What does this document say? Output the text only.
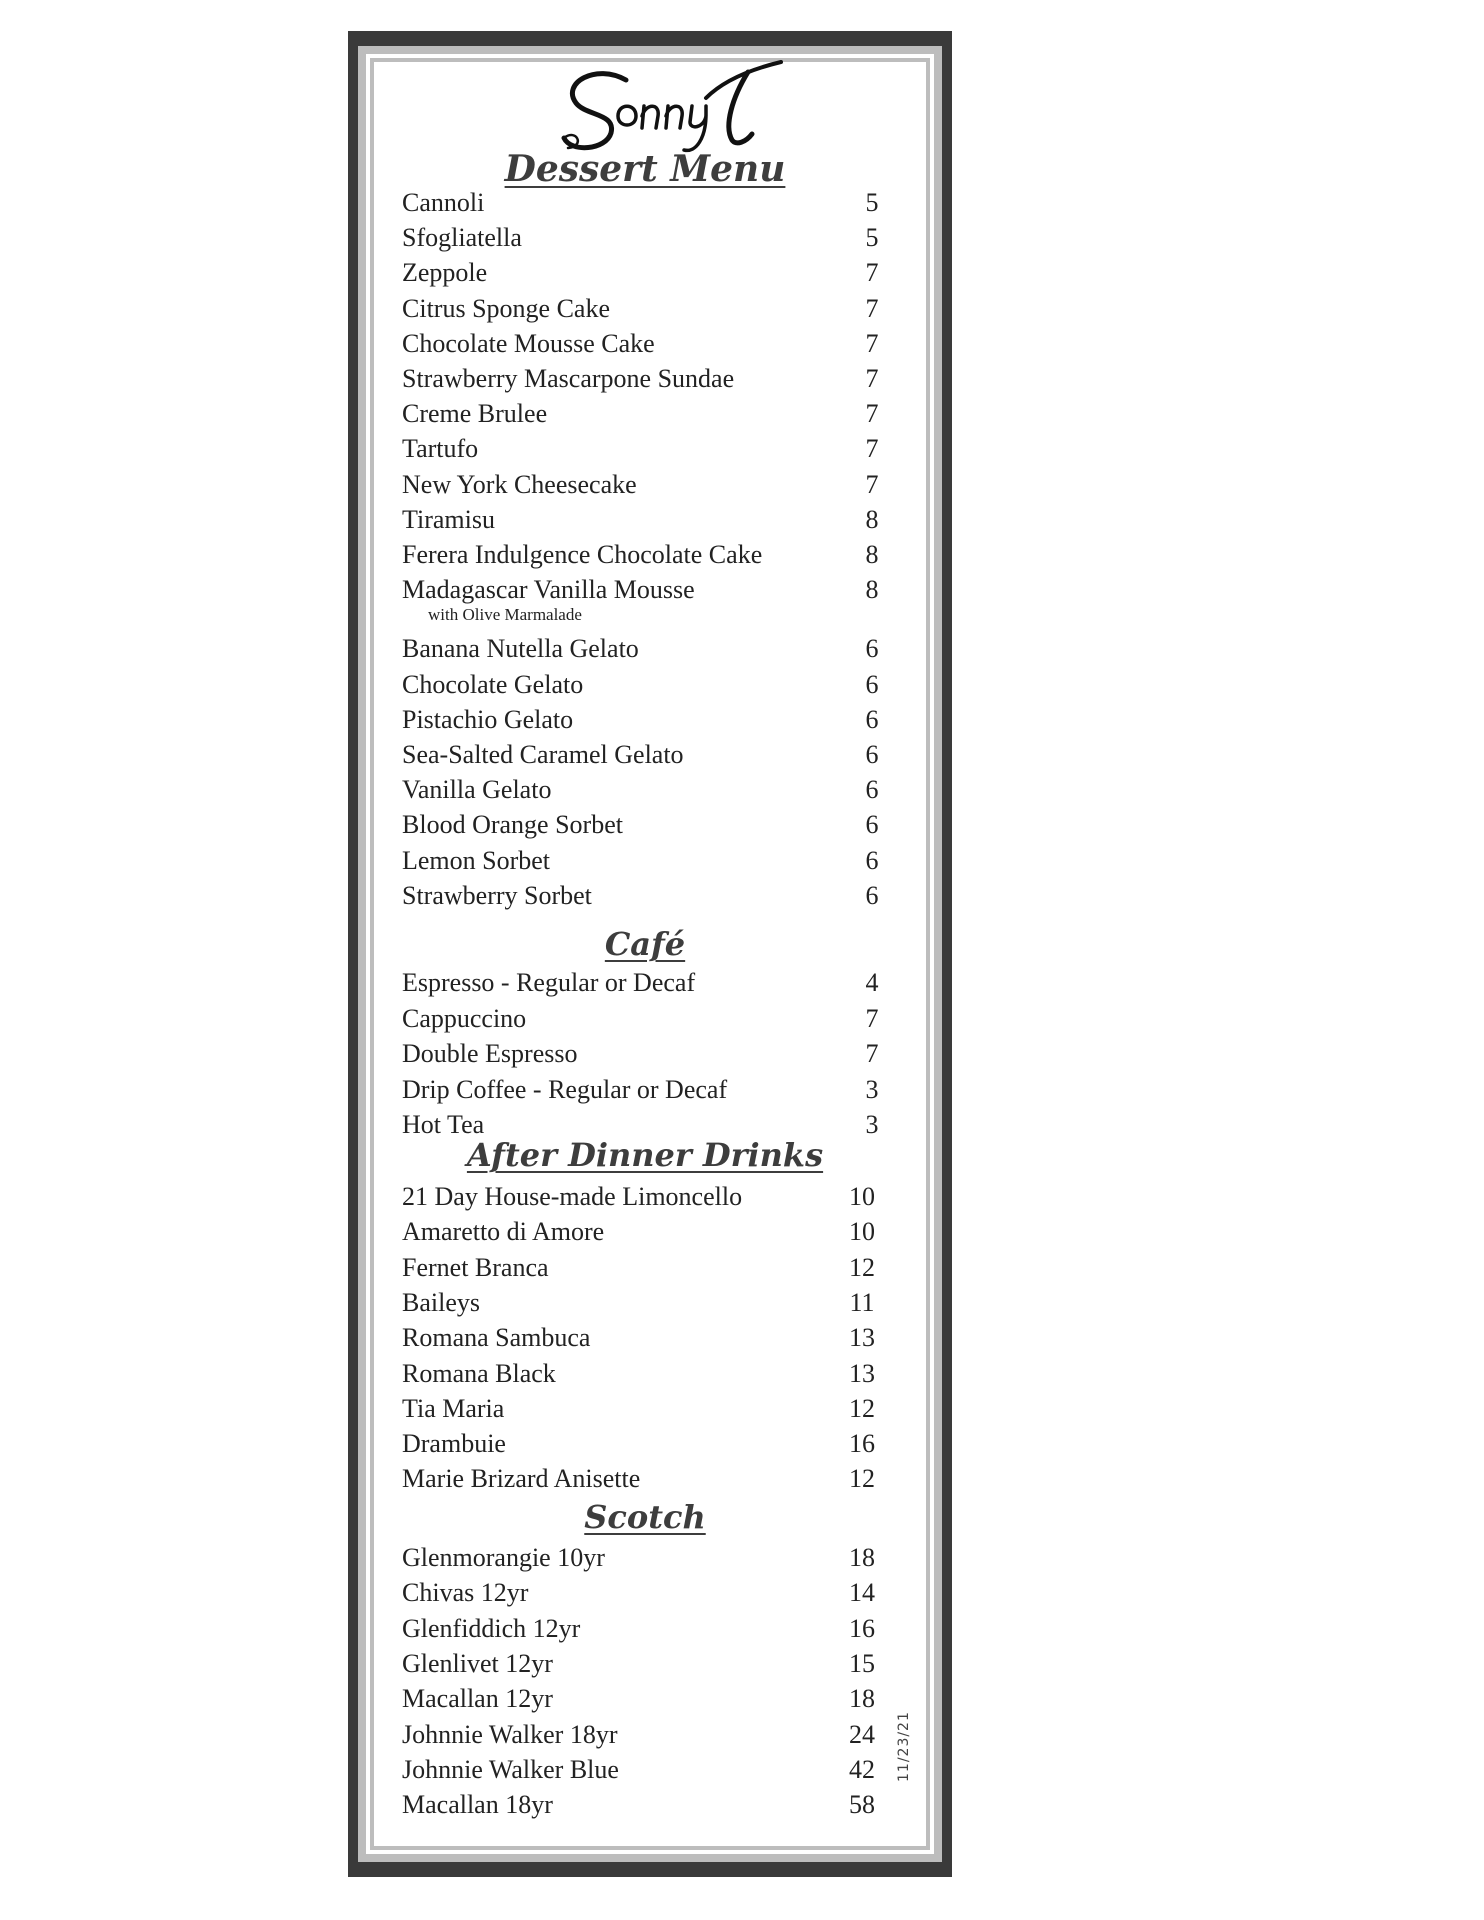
Dessert Menu
Cannoli	5
Sfogliatella	5
Zeppole	7
Citrus Sponge Cake	7
Chocolate Mousse Cake	7
Strawberry Mascarpone Sundae	7
Creme Brulee	7
Tartufo	7
New York Cheesecake	7
Tiramisu	8
Ferera Indulgence Chocolate Cake	8
Madagascar Vanilla Mousse	8
with Olive Marmalade
Banana Nutella Gelato	6
Chocolate Gelato	6
Pistachio Gelato	6
Sea-Salted Caramel Gelato	6
Vanilla Gelato	6
Blood Orange Sorbet	6
Lemon Sorbet	6
Strawberry Sorbet	6
Café
Espresso - Regular or Decaf	4
Cappuccino	7
Double Espresso	7
Drip Coffee - Regular or Decaf	3
Hot Tea	3
After Dinner Drinks
21 Day House-made Limoncello	10
Amaretto di Amore	10
Fernet Branca	12
Baileys	11
Romana Sambuca	13
Romana Black	13
Tia Maria	12
Drambuie	16
Marie Brizard Anisette	12
Scotch
Glenmorangie 10yr	18
Chivas 12yr	14
Glenfiddich 12yr	16
Glenlivet 12yr	15
Macallan 12yr	18
Johnnie Walker 18yr	24
Johnnie Walker Blue	42
Macallan 18yr	58
11/23/21
